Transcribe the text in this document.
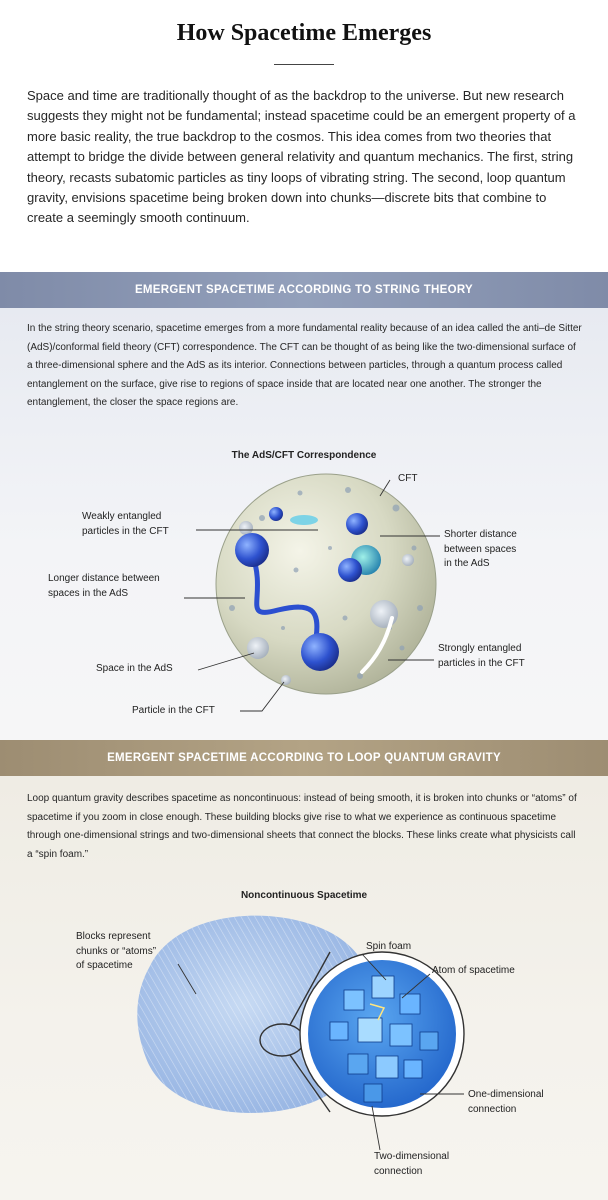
How Spacetime Emerges

Space and time are traditionally thought of as the backdrop to the universe. But new research suggests they might not be fundamental; instead spacetime could be an emergent property of a more basic reality, the true backdrop to the cosmos. This idea comes from two theories that attempt to bridge the divide between general relativity and quantum mechanics. The first, string theory, recasts subatomic particles as tiny loops of vibrating string. The second, loop quantum gravity, envisions spacetime being broken down into chunks—discrete bits that combine to create a seemingly smooth continuum.

EMERGENT SPACETIME ACCORDING TO STRING THEORY

In the string theory scenario, spacetime emerges from a more fundamental reality because of an idea called the anti–de Sitter (AdS)/conformal field theory (CFT) correspondence. The CFT can be thought of as being like the two-dimensional surface of a three-dimensional sphere and the AdS as its interior. Connections between particles, through a quantum process called entanglement on the surface, give rise to regions of space inside that are located near one another. The stronger the entanglement, the closer the space regions are.

The AdS/CFT Correspondence

CFT

Weakly entangled
particles in the CFT

Longer distance between
spaces in the AdS

Space in the AdS

Particle in the CFT

Shorter distance
between spaces
in the AdS

Strongly entangled
particles in the CFT

EMERGENT SPACETIME ACCORDING TO LOOP QUANTUM GRAVITY

Loop quantum gravity describes spacetime as noncontinuous: instead of being smooth, it is broken into chunks or “atoms” of spacetime if you zoom in close enough. These building blocks give rise to what we experience as continuous spacetime through one-dimensional strings and two-dimensional sheets that connect the blocks. These links create what physicists call a “spin foam.”

Noncontinuous Spacetime

Blocks represent
chunks or “atoms”
of spacetime

Spin foam

Atom of spacetime

One-dimensional
connection

Two-dimensional
connection
